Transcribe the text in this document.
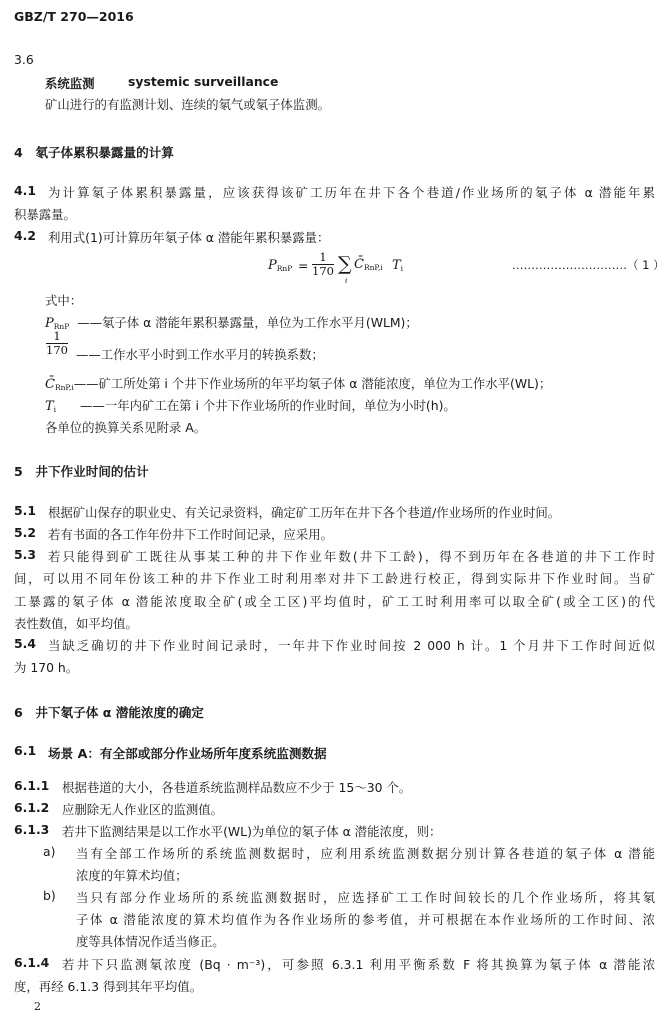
GBZ/T 270—2016
3.6
系统监测	systemic surveillance
矿山进行的有监测计划、连续的氡气或氡子体监测。
4　氡子体累积暴露量的计算
4.1 为计算氡子体累积暴露量，应该获得该矿工历年在井下各个巷道/作业场所的氡子体 α 潜能年累
积暴露量。
4.2 利用式(1)可计算历年氡子体 α 潜能年累积暴露量：
$P_{RnP}$ =
1
170 ∑
i
$C̄_{RnP,i}$ $T_i$	…………………………（ 1 ）
式中：
$P_{RnP}$ ——氡子体 α 潜能年累积暴露量，单位为工作水平月(WLM)；
1
170 ——工作水平小时到工作水平月的转换系数；
$C̄_{RnP,i}——$矿工所处第 i 个井下作业场所的年平均氡子体 α 潜能浓度，单位为工作水平(WL)；
$T_i$ ——一年内矿工在第 i 个井下作业场所的作业时间，单位为小时(h)。
各单位的换算关系见附录 A。
5　井下作业时间的估计
5.1 根据矿山保存的职业史、有关记录资料，确定矿工历年在井下各个巷道/作业场所的作业时间。
5.2 若有书面的各工作年份井下工作时间记录，应采用。
5.3 若只能得到矿工既往从事某工种的井下作业年数(井下工龄)，得不到历年在各巷道的井下工作时
间，可以用不同年份该工种的井下作业工时利用率对井下工龄进行校正，得到实际井下作业时间。当矿
工暴露的氡子体 α 潜能浓度取全矿(或全工区)平均值时，矿工工时利用率可以取全矿(或全工区)的代
表性数值，如平均值。
5.4 当缺乏确切的井下作业时间记录时，一年井下作业时间按 2 000 h 计。1 个月井下工作时间近似
为 170 h。
6　井下氡子体 α 潜能浓度的确定
6.1 场景 A：有全部或部分作业场所年度系统监测数据
6.1.1 根据巷道的大小，各巷道系统监测样品数应不少于 15～30 个。
6.1.2 应删除无人作业区的监测值。
6.1.3 若井下监测结果是以工作水平(WL)为单位的氡子体 α 潜能浓度，则：
a) 当有全部工作场所的系统监测数据时，应利用系统监测数据分别计算各巷道的氡子体 α 潜能
浓度的年算术均值；
b) 当只有部分作业场所的系统监测数据时，应选择矿工工作时间较长的几个作业场所，将其氡
子体 α 潜能浓度的算术均值作为各作业场所的参考值，并可根据在本作业场所的工作时间、浓
度等具体情况作适当修正。
6.1.4 若井下只监测氡浓度 (Bq · m⁻³)，可参照 6.3.1 利用平衡系数 F 将其换算为氡子体 α 潜能浓
度，再经 6.1.3 得到其年平均值。
2
